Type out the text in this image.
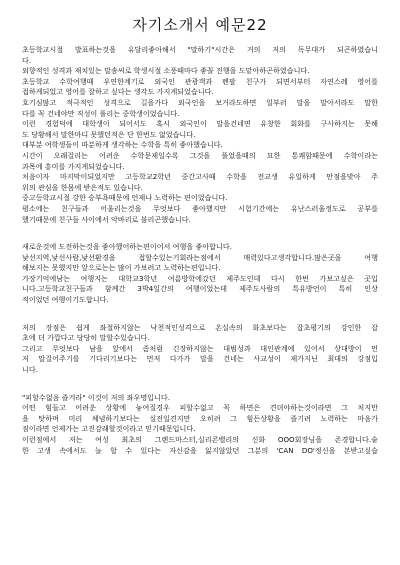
자기소개서 예문22

초등학교시절 발표하는것을 유달리좋아해서 "말하기"시간은 거의 저의 독무대가 되곤하였습니

다.

외향적인 성격과 재치있는 말솜씨로 학생시절 소풍때마다 좋꼴 진행을 도맡아하곤하였습니다.

초등학교 수학여행때 우연한계기로 외국인 관광객과 펜팔 친구가 되면서부터 자연스레 영어를

접하게되었고 영어를 잘하고 싶다는 생각도 가지게되었습니다.

호기심많고 적극적인 성격으로 길을가다 외국인을 보거라도하면 일부러 말을 말아서라도 말한

다를 꼭 건네야만 직성이 풀리는 중학생이었습니다.

이런 경험덕에 대학생이 되어서도 혹시 외국인이 말을건네면 유창한 회화를 구사하지는 못해

도 당황해서 말한마디 못했던적은 단 한번도 없었습니다.

대부분 여학생들이 따분하게 생각하는 수학을 특히 좋아했습니다.

시간이 오래걸리는 어려운 수학문제일수록 그것을 풀었을때의 묘한 통쾌함때문에 수학이라는

과목에 흥미를 가지게되었습니다.

처음이자 마지막이되었지만 고등학교2학년 중간고사때 수학을 전교생 유일하게 만점을맞아 주

위의 관심을 한몸에 받은적도 있습니다.

중고등학교시절 강한 승부욕때문에 언제나 노력하는 편이었습니다.

평소에는 친구들과 어울리는것을 무엇보다 좋아했지만 시험기간에는 유난스러울정도로 공부를

했기때문에 친구들 사이에서 악바리로 불리곤했습니다.

새로운것에 도전하는것을 좋아했어하는편이어서 여행을 좋아합니다.

낯선지역,낯선사람,낯선환경을 접할수있는기회라는점에서 매력있다고생각합니다.많은곳을 여행

해보지는 못했지만 앞으로는는 많이 가보려고 노력하는편입니다.

가장기억에남는 여행지는 대학교3학년 여름방학에갔던 제주도인데 다시 한번 가보고싶은 곳입

니다.고등학교친구들과 함께간 3박4일간의 여행이었는데 제주도사람의 특유방언이 특히 인상

적이었던 여행이기도합니다.

저의 장점은 쉽게 좌절하지않는 낙천적인성격으로 온실속의 화초보다는 잡초평기의 강인한 잡

초에 더 가깝다고 당당히 말할수있습니다.

그리고 무엇보다 남을 앞에서 좀처럼 긴장하지않는 대범성과 대인관계에 있어서 상대방이 먼

저 말걸어주기를 기다리기보다는 먼저 다가가 말을 건네는 사교성이 제가지닌 최대의 강점입

니다.

"피할수없음 즐겨라" 이것이 저의 좌우명입니다.

어떤 힘들고 어려운 상황에 놓여질경우 피할수없고 꼭 하면은 견뎌야하는것이라면 그 처지만

을 탓하며 미리 체념하기보다는 실전일견지만 오히려 그 힘든상황을 즐기려 노력하는 마음가

짐이라면 언제가는 고진감래할것이라고 믿기때문입니다.

이런점에서 저는 여성 최초의 그랜드마스터,실리콘밸리의 신화 OOO회장님을 존경합니다.숱

한 고생 속에서도 늘 할 수 있다는 자신감을 잃지않았던 그분의 'CAN DO'정신을 본받고싶습
